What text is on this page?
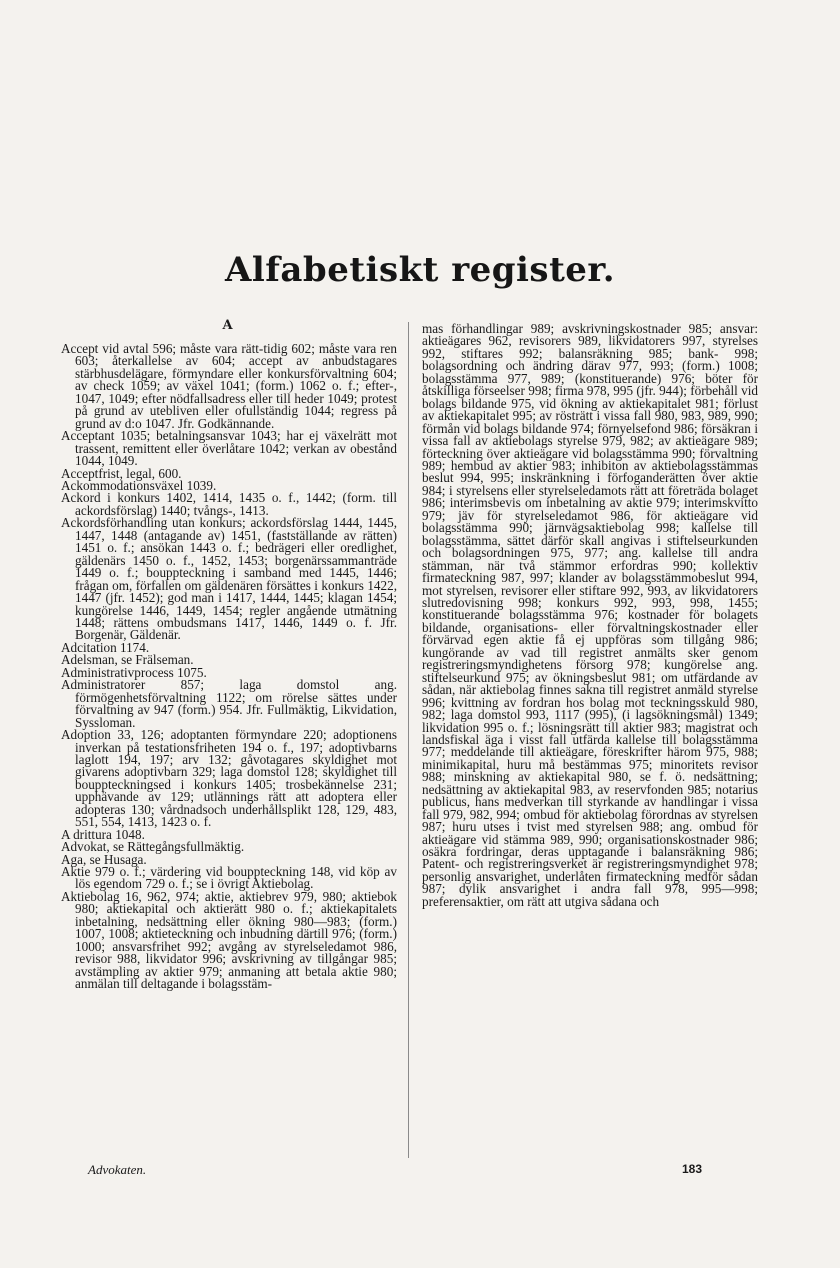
Alfabetiskt register.
A

Accept vid avtal 596; måste vara rätt-tidig 602; måste vara ren 603; återkallelse av 604; accept av anbudstagares stärbhusdelägare, förmyndare eller konkursförvaltning 604; av check 1059; av växel 1041; (form.) 1062 o. f.; efter-, 1047, 1049; efter nödfallsadress eller till heder 1049; protest på grund av utebliven eller ofullständig 1044; regress på grund av d:o 1047. Jfr. Godkännande.

Acceptant 1035; betalningsansvar 1043; har ej växelrätt mot trassent, remittent eller överlåtare 1042; verkan av obestånd 1044, 1049.

Acceptfrist, legal, 600.

Ackommodationsväxel 1039.

Ackord i konkurs 1402, 1414, 1435 o. f., 1442; (form. till ackordsförslag) 1440; tvångs-, 1413.

Ackordsförhandling utan konkurs; ackordsförslag 1444, 1445, 1447, 1448 (antagande av) 1451, (fastställande av rätten) 1451 o. f.; ansökan 1443 o. f.; bedrägeri eller oredlighet, gäldenärs 1450 o. f., 1452, 1453; borgenärssammanträde 1449 o. f.; bouppteckning i samband med 1445, 1446; frågan om, förfallen om gäldenären försättes i konkurs 1422, 1447 (jfr. 1452); god man i 1417, 1444, 1445; klagan 1454; kungörelse 1446, 1449, 1454; regler angående utmätning 1448; rättens ombudsmans 1417, 1446, 1449 o. f. Jfr. Borgenär, Gäldenär.

Adcitation 1174.

Adelsman, se Frälseman.

Administrativprocess 1075.

Administratorer 857; laga domstol ang. förmögenhetsförvaltning 1122; om rörelse sättes under förvaltning av 947 (form.) 954. Jfr. Fullmäktig, Likvidation, Syssloman.

Adoption 33, 126; adoptanten förmyndare 220; adoptionens inverkan på testationsfriheten 194 o. f., 197; adoptivbarns laglott 194, 197; arv 132; gåvotagares skyldighet mot givarens adoptivbarn 329; laga domstol 128; skyldighet till bouppteckningsed i konkurs 1405; trosbekännelse 231; upphävande av 129; utlännings rätt att adoptera eller adopteras 130; vårdnadsoch underhållsplikt 128, 129, 483, 551, 554, 1413, 1423 o. f.

A drittura 1048.

Advokat, se Rättegångsfullmäktig.

Aga, se Husaga.

Aktie 979 o. f.; värdering vid bouppteckning 148, vid köp av lös egendom 729 o. f.; se i övrigt Aktiebolag.

Aktiebolag 16, 962, 974; aktie, aktiebrev 979, 980; aktiebok 980; aktiekapital och aktierätt 980 o. f.; aktiekapitalets inbetalning, nedsättning eller ökning 980—983; (form.) 1007, 1008; aktieteckning och inbudning därtill 976; (form.) 1000; ansvarsfrihet 992; avgång av styrelseledamot 986, revisor 988, likvidator 996; avskrivning av tillgångar 985; avstämpling av aktier 979; anmaning att betala aktie 980; anmälan till deltagande i bolagsstäm-

mas förhandlingar 989; avskrivningskostnader 985; ansvar: aktieägares 962, revisorers 989, likvidatorers 997, styrelses 992, stiftares 992; balansräkning 985; bank- 998; bolagsordning och ändring därav 977, 993; (form.) 1008; bolagsstämma 977, 989; (konstituerande) 976; böter för åtskilliga förseelser 998; firma 978, 995 (jfr. 944); förbehåll vid bolags bildande 975, vid ökning av aktiekapitalet 981; förlust av aktiekapitalet 995; av rösträtt i vissa fall 980, 983, 989, 990; förmån vid bolags bildande 974; förnyelsefond 986; försäkran i vissa fall av aktiebolags styrelse 979, 982; av aktieägare 989; förteckning över aktieägare vid bolagsstämma 990; förvaltning 989; hembud av aktier 983; inhibiton av aktiebolagsstämmas beslut 994, 995; inskränkning i förfoganderätten över aktie 984; i styrelsens eller styrelseledamots rätt att företräda bolaget 986; interimsbevis om inbetalning av aktie 979; interimskvitto 979; jäv för styrelseledamot 986, för aktieägare vid bolagsstämma 990; järnvägsaktiebolag 998; kallelse till bolagsstämma, sättet därför skall angivas i stiftelseurkunden och bolagsordningen 975, 977; ang. kallelse till andra stämman, när två stämmor erfordras 990; kollektiv firmateckning 987, 997; klander av bolagsstämmobeslut 994, mot styrelsen, revisorer eller stiftare 992, 993, av likvidatorers slutredovisning 998; konkurs 992, 993, 998, 1455; konstituerande bolagsstämma 976; kostnader för bolagets bildande, organisations- eller förvaltningskostnader eller förvärvad egen aktie få ej uppföras som tillgång 986; kungörande av vad till registret anmälts sker genom registreringsmyndighetens försorg 978; kungörelse ang. stiftelseurkund 975; av ökningsbeslut 981; om utfärdande av sådan, när aktiebolag finnes sakna till registret anmäld styrelse 996; kvittning av fordran hos bolag mot teckningsskuld 980, 982; laga domstol 993, 1117 (995), (i lagsökningsmål) 1349; likvidation 995 o. f.; lösningsrätt till aktier 983; magistrat och landsfiskal äga i visst fall utfärda kallelse till bolagsstämma 977; meddelande till aktieägare, föreskrifter härom 975, 988; minimikapital, huru må bestämmas 975; minoritets revisor 988; minskning av aktiekapital 980, se f. ö. nedsättning; nedsättning av aktiekapital 983, av reservfonden 985; notarius publicus, hans medverkan till styrkande av handlingar i vissa fall 979, 982, 994; ombud för aktiebolag förordnas av styrelsen 987; huru utses i tvist med styrelsen 988; ang. ombud för aktieägare vid stämma 989, 990; organisationskostnader 986; osäkra fordringar, deras upptagande i balansräkning 986; Patent- och registreringsverket är registreringsmyndighet 978; personlig ansvarighet, underlåten firmateckning medför sådan 987; dylik ansvarighet i andra fall 978, 995—998; preferensaktier, om rätt att utgiva sådana och

Advokaten.	183
